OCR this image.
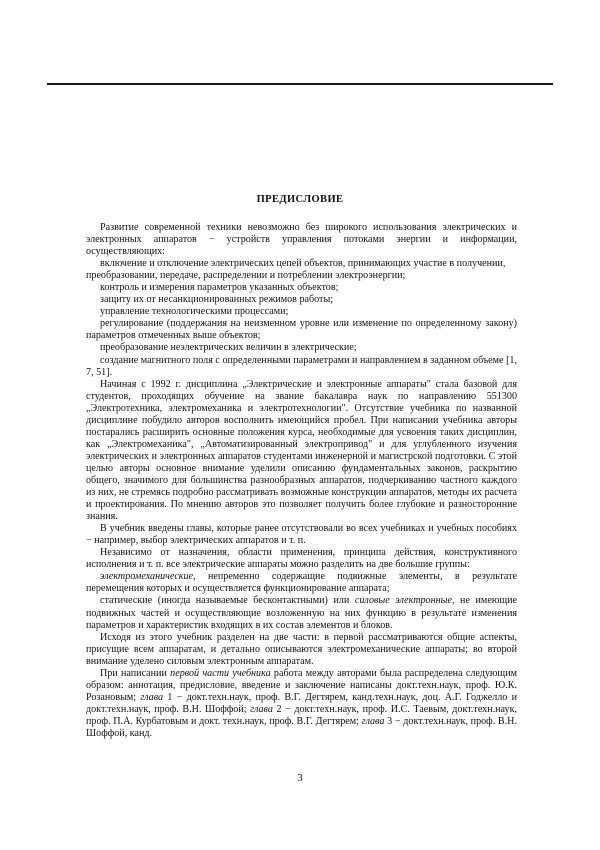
ПРЕДИСЛОВИЕ

Развитие современной техники невозможно без широкого использования электрических и электронных аппаратов − устройств управления потоками энергии и информации, осуществляющих:

включение и отключение электрических цепей объектов, принимающих участие в получении, преобразовании, передаче, распределении и потреблении электроэнергии;

контроль и измерения параметров указанных объектов;

защиту их от несанкционированных режимов работы;

управление технологическими процессами;

регулирование (поддержания на неизменном уровне или изменение по определенному закону) параметров отмеченных выше объектов;

преобразование неэлектрических величин в электрические;

создание магнитного поля с определенными параметрами и направлением в заданном объеме [1, 7, 51].

Начиная с 1992 г. дисциплина „Электрические и электронные аппараты" стала базовой для студентов, проходящих обучение на звание бакалавра наук по направлению 551300 „Электротехника, электромеханика и электротехнологии". Отсутствие учебника по названной дисциплине побудило авторов восполнить имеющийся пробел. При написании учебника авторы постарались расширить основные положения курса, необходимые для усвоения таких дисциплин, как „Электромеханика", „Автоматизированный электропривод" и для углубленного изучения электрических и электронных аппаратов студентами инженерной и магистрской подготовки. С этой целью авторы основное внимание уделили описанию фундаментальных законов, раскрытию общего, значимого для большинства разнообразных аппаратов, подчеркиванию частного каждого из них, не стремясь подробно рассматривать возможные конструкции аппаратов, методы их расчета и проектирования. По мнению авторов это позволяет получить более глубокие и разносторонние знания.

В учебник введены главы, которые ранее отсутствовали во всех учебниках и учебных пособиях − например, выбор электрических аппаратов и т. п.

Независимо от назначения, области применения, принципа действия, конструктивного исполнения и т. п. все электрические аппараты можно разделить на две большие группы:

электромеханические, непременно содержащие подвижные элементы, в результате перемещения которых и осуществляется функционирование аппарата;

статические (иногда называемые бесконтактными) или силовые электронные, не имеющие подвижных частей и осуществляющие возложенную на них функцию в результате изменения параметров и характеристик входящих в их состав элементов и блоков.

Исходя из этого учебник разделен на две части: в первой рассматриваются общие аспекты, присущие всем аппаратам, и детально описываются электромеханические аппараты; во второй внимание уделено силовым электронным аппаратам.

При написании первой части учебника работа между авторами была распределена следующим образом: аннотация, предисловие, введение и заключение написаны докт.техн.наук, проф. Ю.К. Розановым; глава 1 − докт.техн.наук, проф. В.Г. Дегтярем, канд.техн.наук, доц. А.Г. Годжелло и докт.техн.наук, проф. В.Н. Шоффой; глава 2 − докт.техн.наук, проф. И.С. Таевым, докт.техн.наук, проф. П.А. Курбатовым и докт. техн.наук, проф. В.Г. Дегтярем; глава 3 − докт.техн.наук, проф. В.Н. Шоффой, канд.

3
